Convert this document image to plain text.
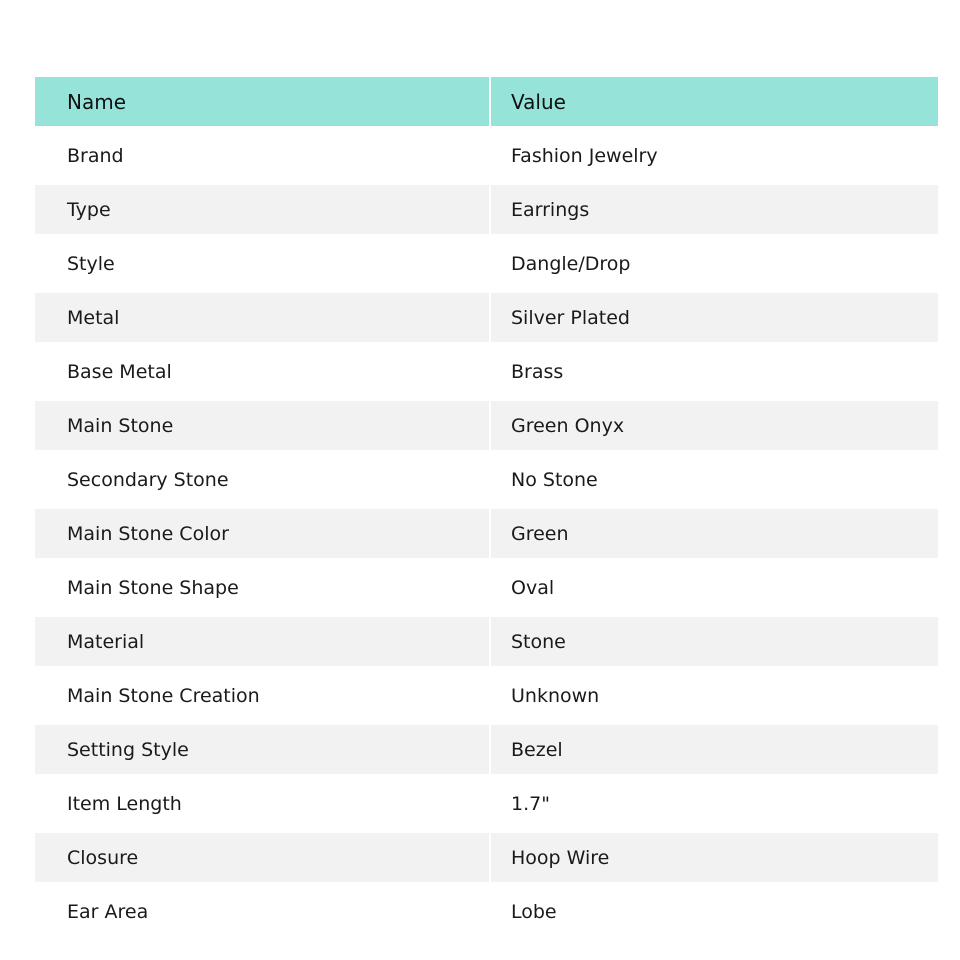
Name	Value
Brand	Fashion Jewelry
Type	Earrings
Style	Dangle/Drop
Metal	Silver Plated
Base Metal	Brass
Main Stone	Green Onyx
Secondary Stone	No Stone
Main Stone Color	Green
Main Stone Shape	Oval
Material	Stone
Main Stone Creation	Unknown
Setting Style	Bezel
Item Length	1.7"
Closure	Hoop Wire
Ear Area	Lobe
